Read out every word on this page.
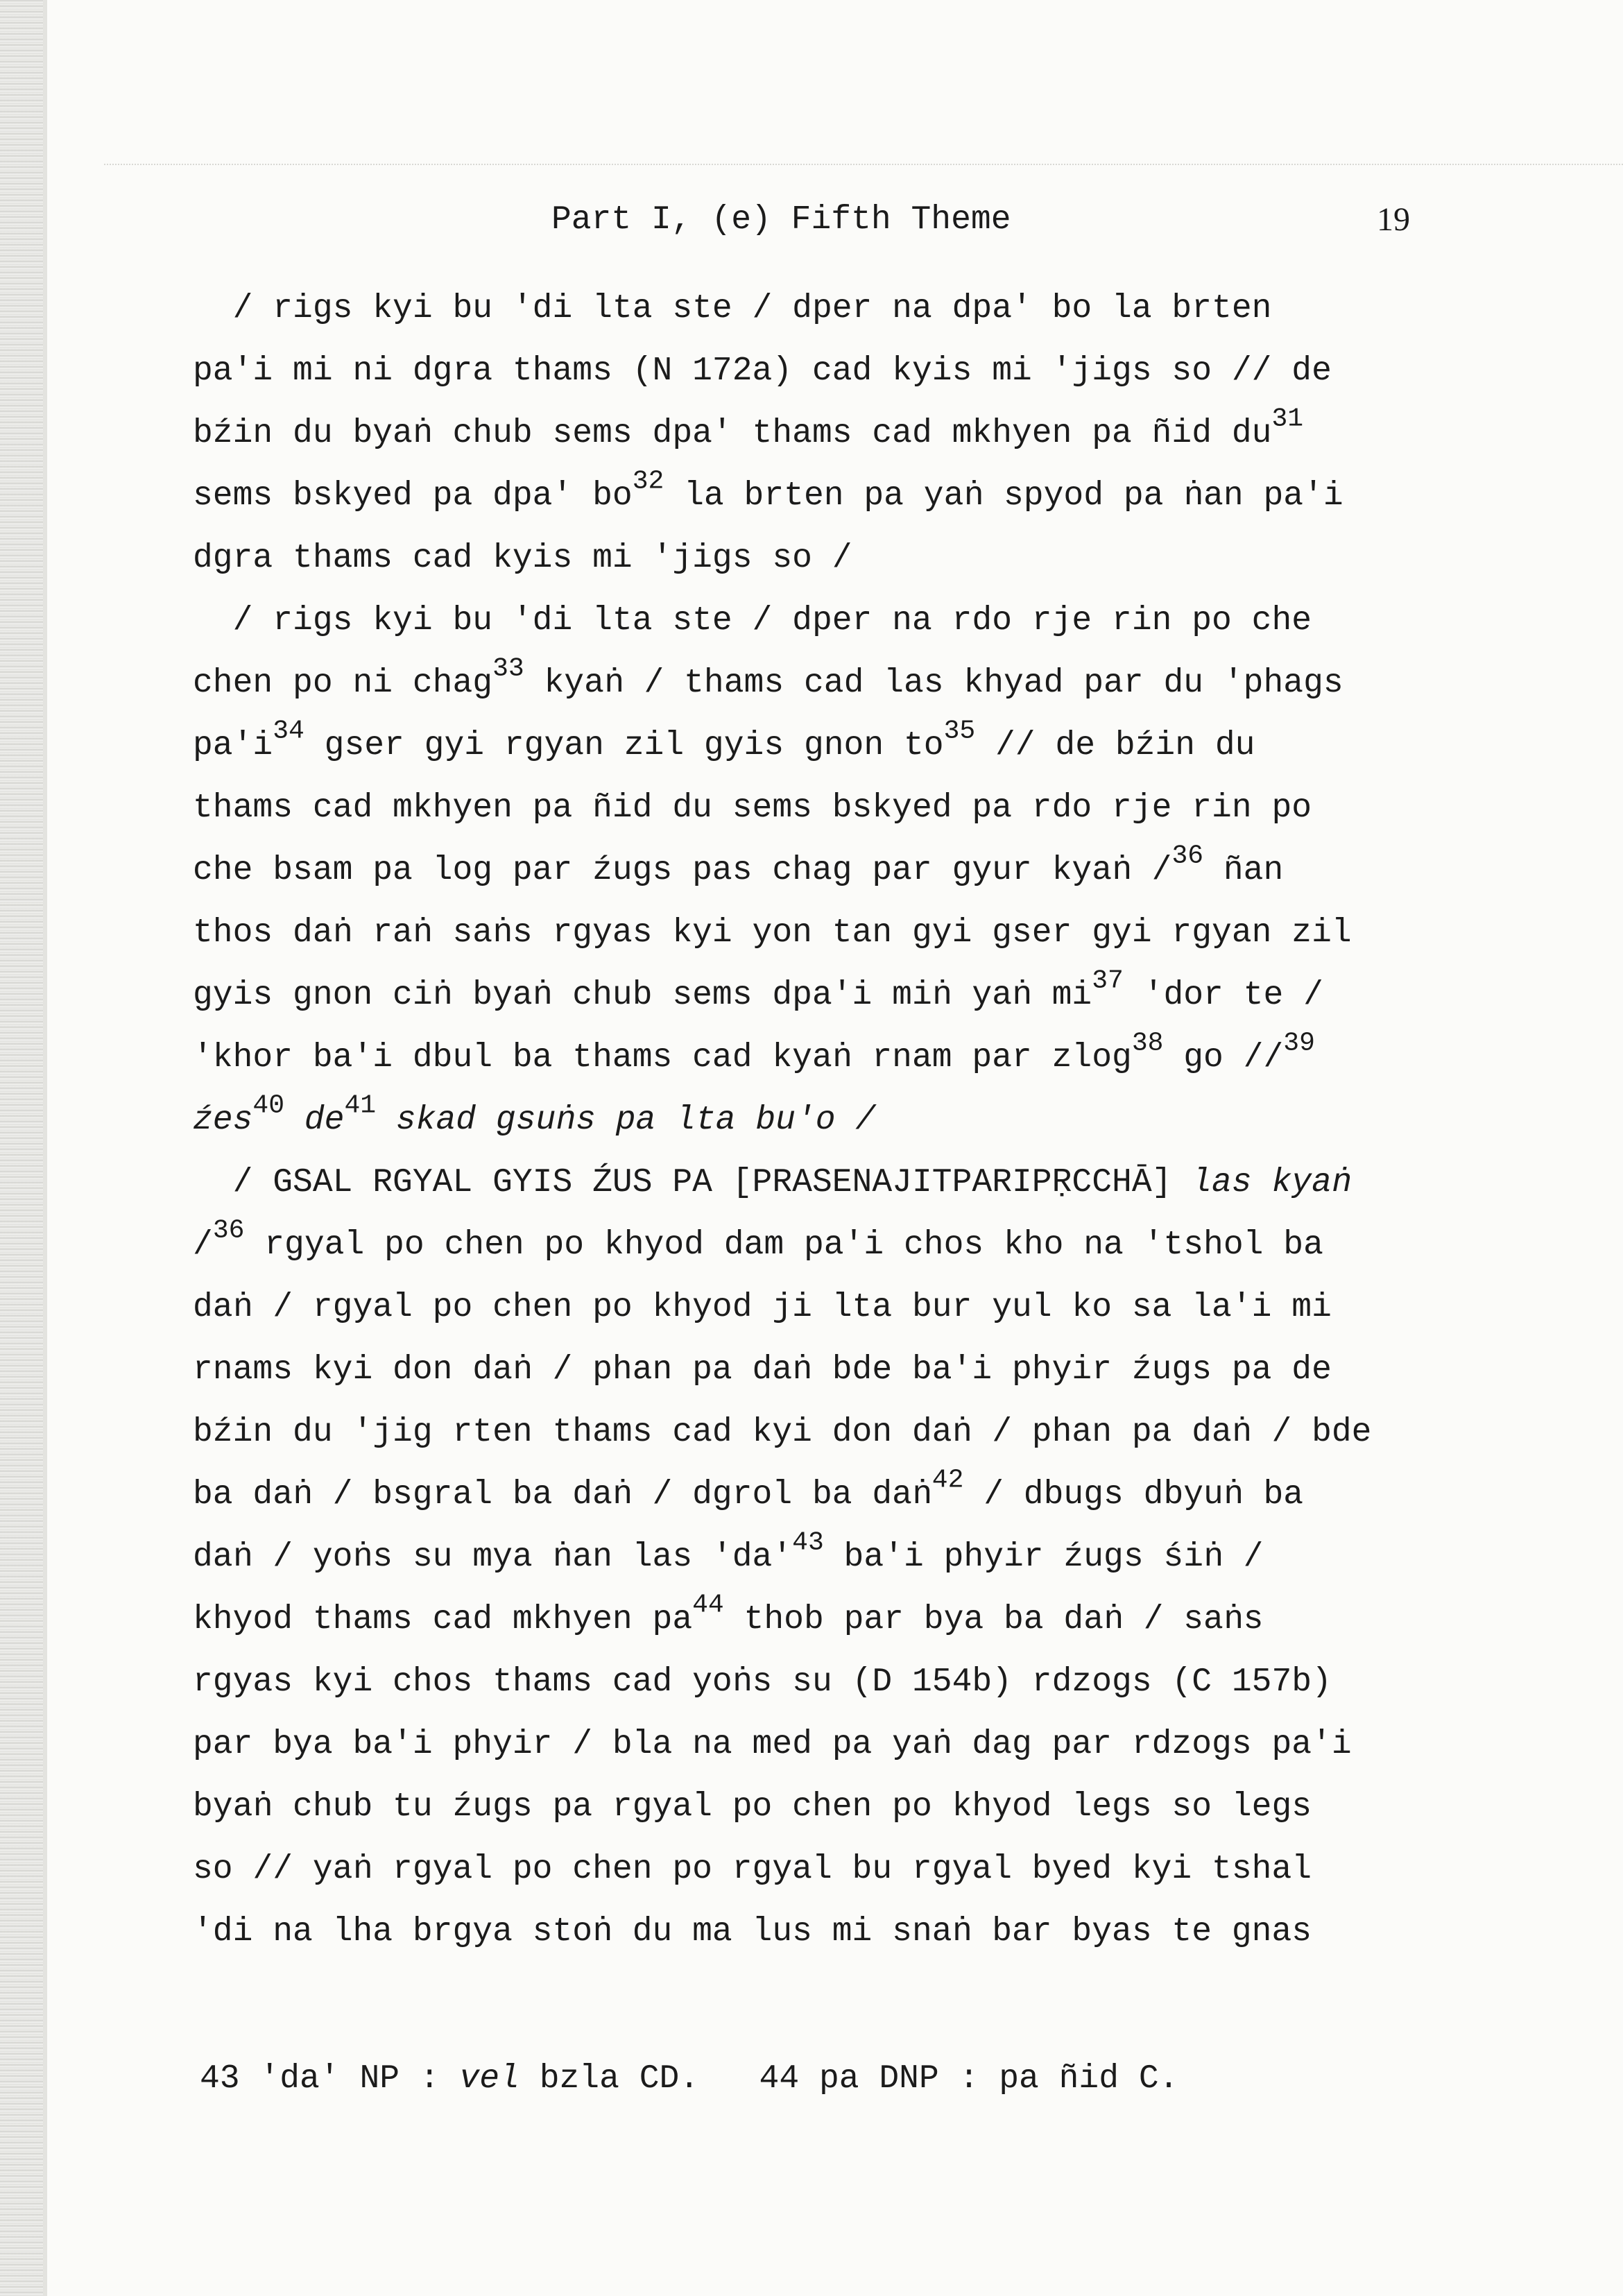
Part I, (e) Fifth Theme	19
/ rigs kyi bu 'di lta ste / dper na dpa' bo la brten
pa'i mi ni dgra thams (N 172a) cad kyis mi 'jigs so // de
bźin du byaṅ chub sems dpa' thams cad mkhyen pa ñid $du^{31}$
sems bskyed pa dpa' $bo^{32}$ la brten pa yaṅ spyod pa ṅan pa'i
dgra thams cad kyis mi 'jigs so /
/ rigs kyi bu 'di lta ste / dper na rdo rje rin po che
chen po ni chag$^{33}$ kyaṅ / thams cad las khyad par du 'phags
$pa'i^{34}$ gser gyi rgyan zil gyis gnon $to^{35}$ // de bźin du
thams cad mkhyen pa ñid du sems bskyed pa rdo rje rin po
che bsam pa log par źugs pas chag par gyur kyaṅ /$^{36}$ ñan
thos daṅ raṅ saṅs rgyas kyi yon tan gyi gser gyi rgyan zil
gyis gnon ciṅ byaṅ chub sems dpa'i miṅ yaṅ $mi^{37}$ 'dor te /
'khor ba'i dbul ba thams cad kyaṅ rnam par zlog$^{38}$ go //$^{39}$
źes$^{40}$ $de^{41}$ skad gsuṅs pa lta bu'o /
/ GSAL RGYAL GYIS ŹUS PA [PRASENAJITPARIPṚCCHĀ] las kyaṅ
/$^{36}$ rgyal po chen po khyod dam pa'i chos kho na 'tshol ba
daṅ / rgyal po chen po khyod ji lta bur yul ko sa la'i mi
rnams kyi don daṅ / phan pa daṅ bde ba'i phyir źugs pa de
bźin du 'jig rten thams cad kyi don daṅ / phan pa daṅ / bde
ba daṅ / bsgral ba daṅ / dgrol ba daṅ$^{42}$ / dbugs dbyuṅ ba
daṅ / yoṅs su mya ṅan las '$da'^{43}$ ba'i phyir źugs śiṅ /
khyod thams cad mkhyen $pa^{44}$ thob par bya ba daṅ / saṅs
rgyas kyi chos thams cad yoṅs su (D 154b) rdzogs (C 157b)
par bya ba'i phyir / bla na med pa yaṅ dag par rdzogs pa'i
byaṅ chub tu źugs pa rgyal po chen po khyod legs so legs
so // yaṅ rgyal po chen po rgyal bu rgyal byed kyi tshal
'di na lha brgya stoṅ du ma lus mi snaṅ bar byas te gnas
43 'da' NP : vel bzla CD.   44 pa DNP : pa ñid C.
